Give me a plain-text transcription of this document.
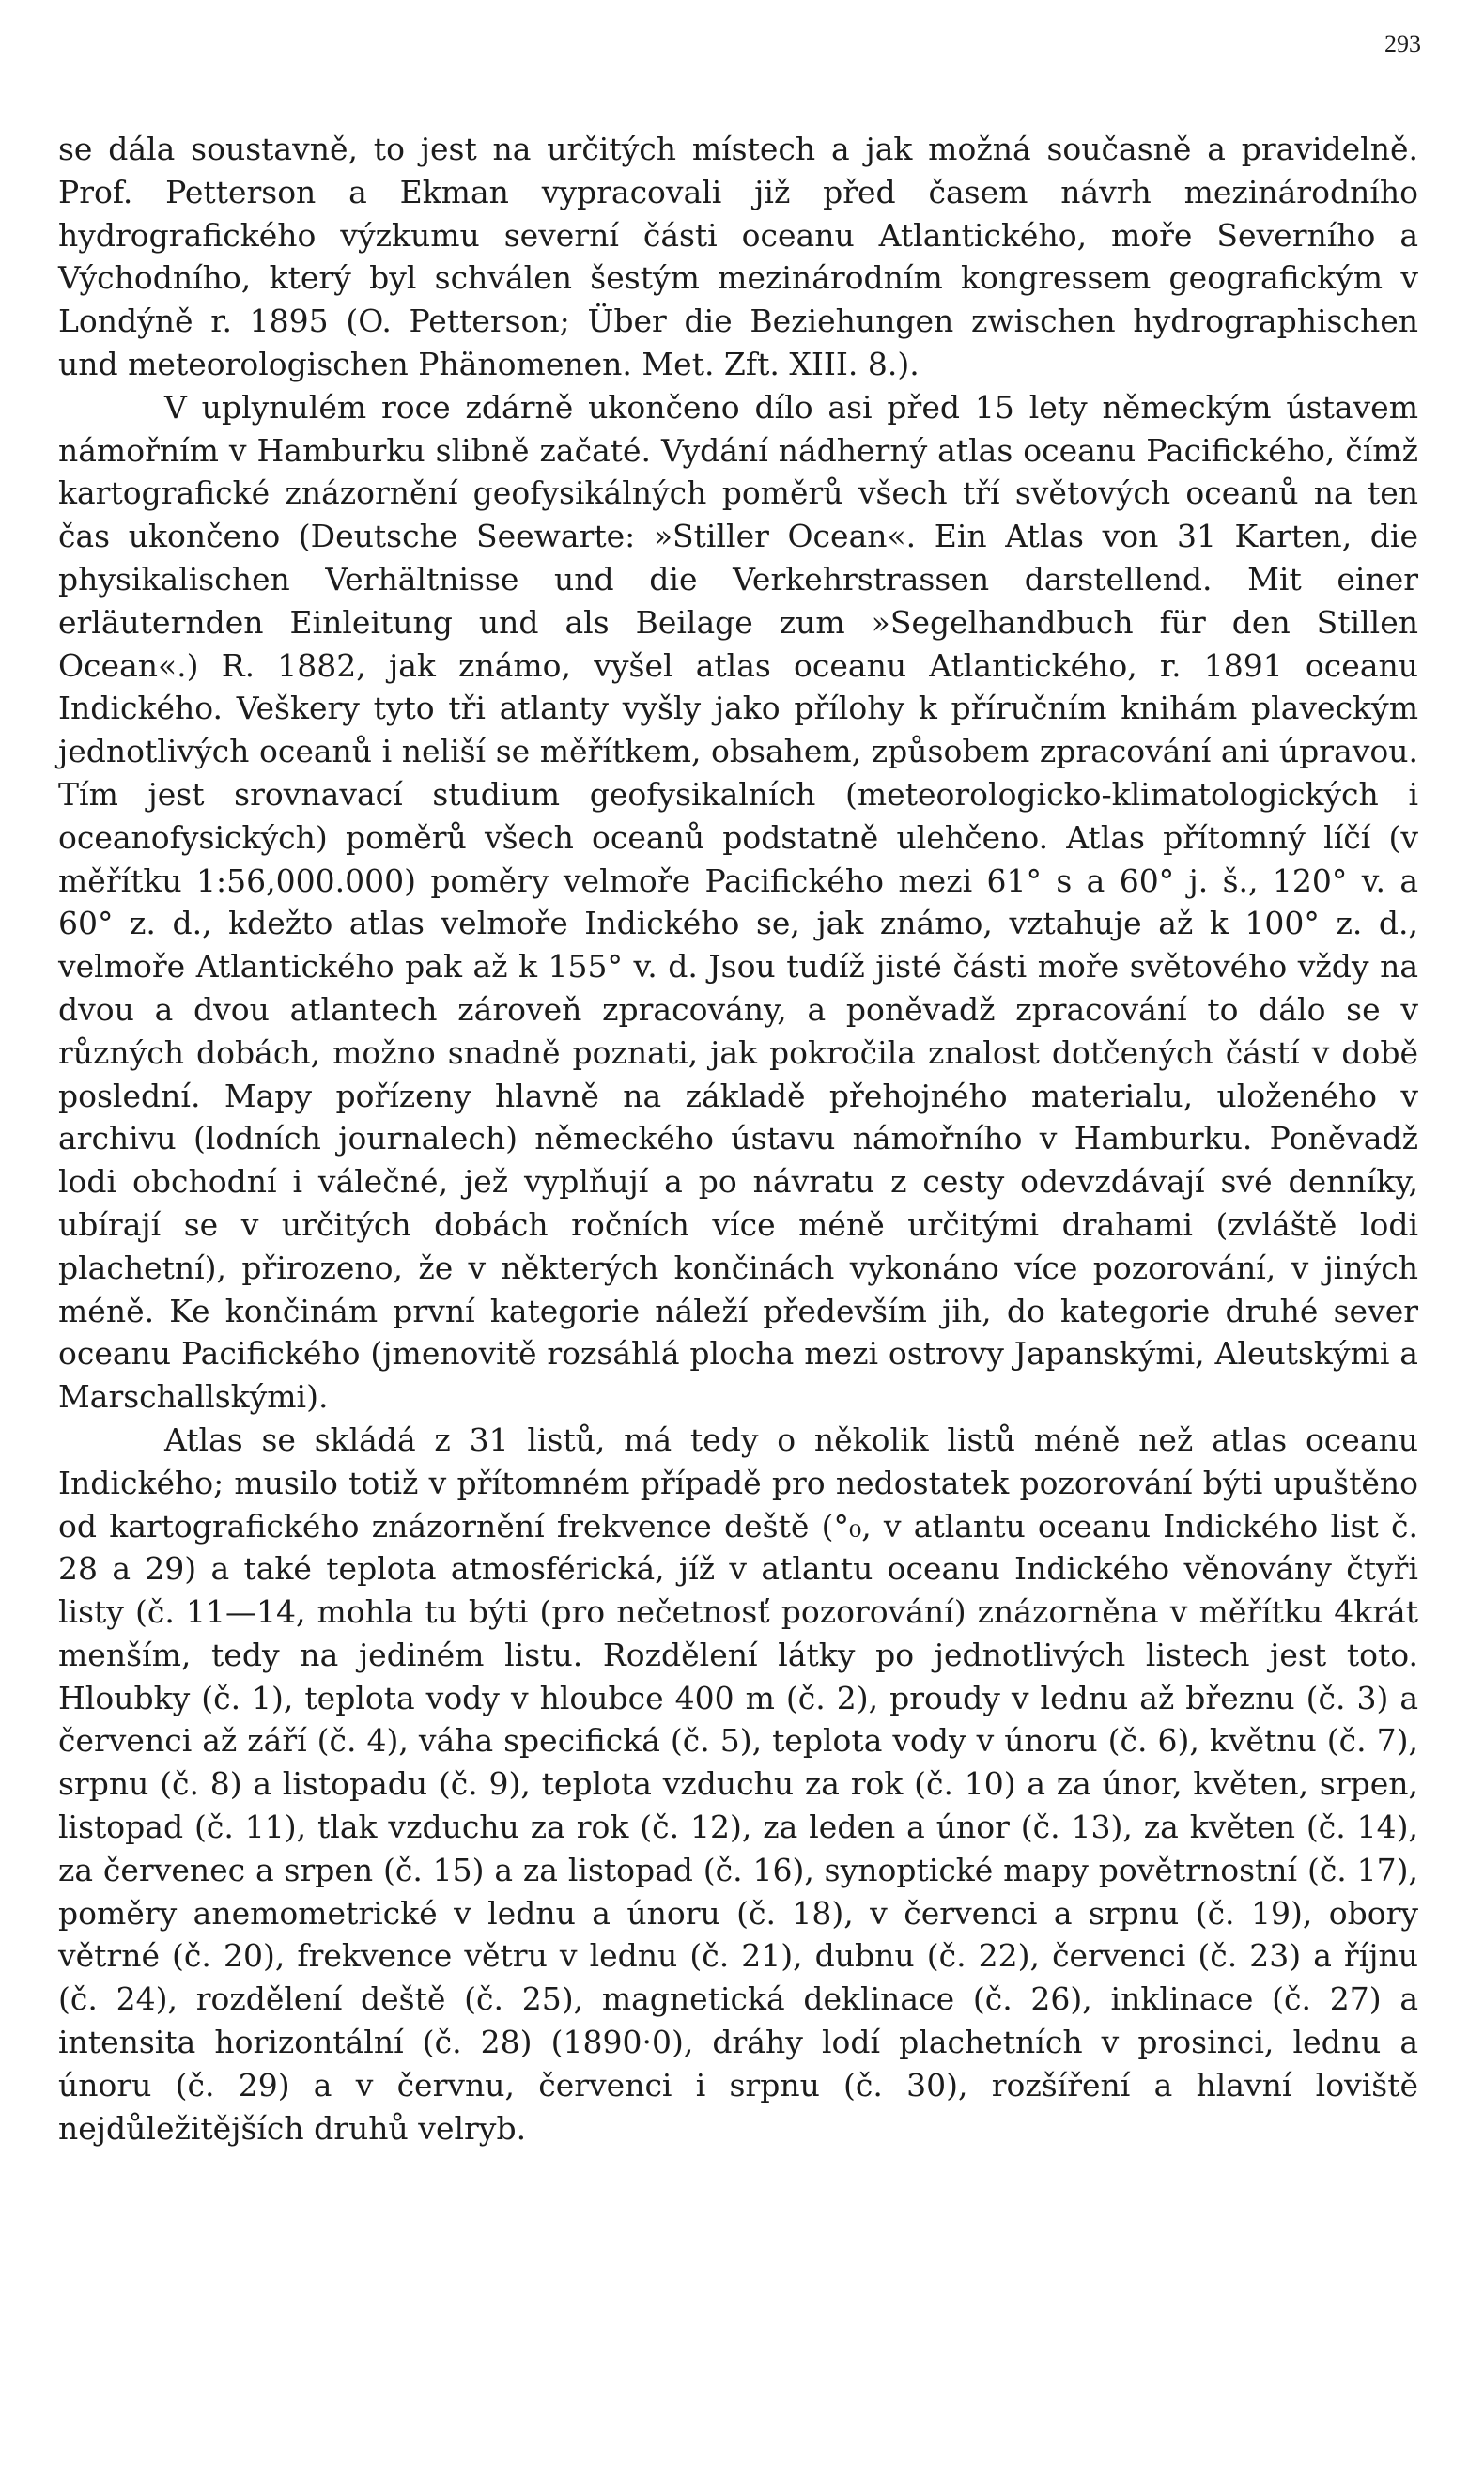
293

se dála soustavně, to jest na určitých místech a jak možná současně a pravidelně. Prof. Petterson a Ekman vypracovali již před časem návrh mezinárodního hydrografického výzkumu severní části oceanu Atlantického, moře Severního a Východního, který byl schválen šestým mezinárodním kongressem geografickým v Londýně r. 1895 (O. Petterson; Über die Beziehungen zwischen hydrographischen und meteorologischen Phänomenen. Met. Zft. XIII. 8.).

V uplynulém roce zdárně ukončeno dílo asi před 15 lety německým ústavem námořním v Hamburku slibně začaté. Vydání nádherný atlas oceanu Pacifického, čímž kartografické znázornění geofysikálných poměrů všech tří světových oceanů na ten čas ukončeno (Deutsche Seewarte: »Stiller Ocean«. Ein Atlas von 31 Karten, die physikalischen Verhältnisse und die Verkehrstrassen darstellend. Mit einer erläuternden Einleitung und als Beilage zum »Segelhandbuch für den Stillen Ocean«.) R. 1882, jak známo, vyšel atlas oceanu Atlantického, r. 1891 oceanu Indického. Veškery tyto tři atlanty vyšly jako přílohy k příručním knihám plaveckým jednotlivých oceanů i neliší se měřítkem, obsahem, způsobem zpracování ani úpravou. Tím jest srovnavací studium geofysikalních (meteorologicko-klimatologických i oceanofysických) poměrů všech oceanů podstatně ulehčeno. Atlas přítomný líčí (v měřítku 1:56,000.000) poměry velmoře Pacifického mezi 61° s a 60° j. š., 120° v. a 60° z. d., kdežto atlas velmoře Indického se, jak známo, vztahuje až k 100° z. d., velmoře Atlantického pak až k 155° v. d. Jsou tudíž jisté části moře světového vždy na dvou a dvou atlantech zároveň zpracovány, a poněvadž zpracování to dálo se v různých dobách, možno snadně poznati, jak pokročila znalost dotčených částí v době poslední. Mapy pořízeny hlavně na základě přehojného materialu, uloženého v archivu (lodních journalech) německého ústavu námořního v Hamburku. Poněvadž lodi obchodní i válečné, jež vyplňují a po návratu z cesty odevzdávají své denníky, ubírají se v určitých dobách ročních více méně určitými drahami (zvláště lodi plachetní), přirozeno, že v některých končinách vykonáno více pozorování, v jiných méně. Ke končinám první kategorie náleží především jih, do kategorie druhé sever oceanu Pacifického (jmenovitě rozsáhlá plocha mezi ostrovy Japanskými, Aleutskými a Marschallskými).

Atlas se skládá z 31 listů, má tedy o několik listů méně než atlas oceanu Indického; musilo totiž v přítomném případě pro nedostatek pozorování býti upuštěno od kartografického znázornění frekvence deště (°₀, v atlantu oceanu Indického list č. 28 a 29) a také teplota atmosférická, jíž v atlantu oceanu Indického věnovány čtyři listy (č. 11—14, mohla tu býti (pro nečetnosť pozorování) znázorněna v měřítku 4krát menším, tedy na jediném listu. Rozdělení látky po jednotlivých listech jest toto. Hloubky (č. 1), teplota vody v hloubce 400 m (č. 2), proudy v lednu až březnu (č. 3) a červenci až září (č. 4), váha specifická (č. 5), teplota vody v únoru (č. 6), květnu (č. 7), srpnu (č. 8) a listopadu (č. 9), teplota vzduchu za rok (č. 10) a za únor, květen, srpen, listopad (č. 11), tlak vzduchu za rok (č. 12), za leden a únor (č. 13), za květen (č. 14), za červenec a srpen (č. 15) a za listopad (č. 16), synoptické mapy povětrnostní (č. 17), poměry anemometrické v lednu a únoru (č. 18), v červenci a srpnu (č. 19), obory větrné (č. 20), frekvence větru v lednu (č. 21), dubnu (č. 22), červenci (č. 23) a říjnu (č. 24), rozdělení deště (č. 25), magnetická deklinace (č. 26), inklinace (č. 27) a intensita horizontální (č. 28) (1890·0), dráhy lodí plachetních v prosinci, lednu a únoru (č. 29) a v červnu, červenci i srpnu (č. 30), rozšíření a hlavní loviště nejdůležitějších druhů velryb.
